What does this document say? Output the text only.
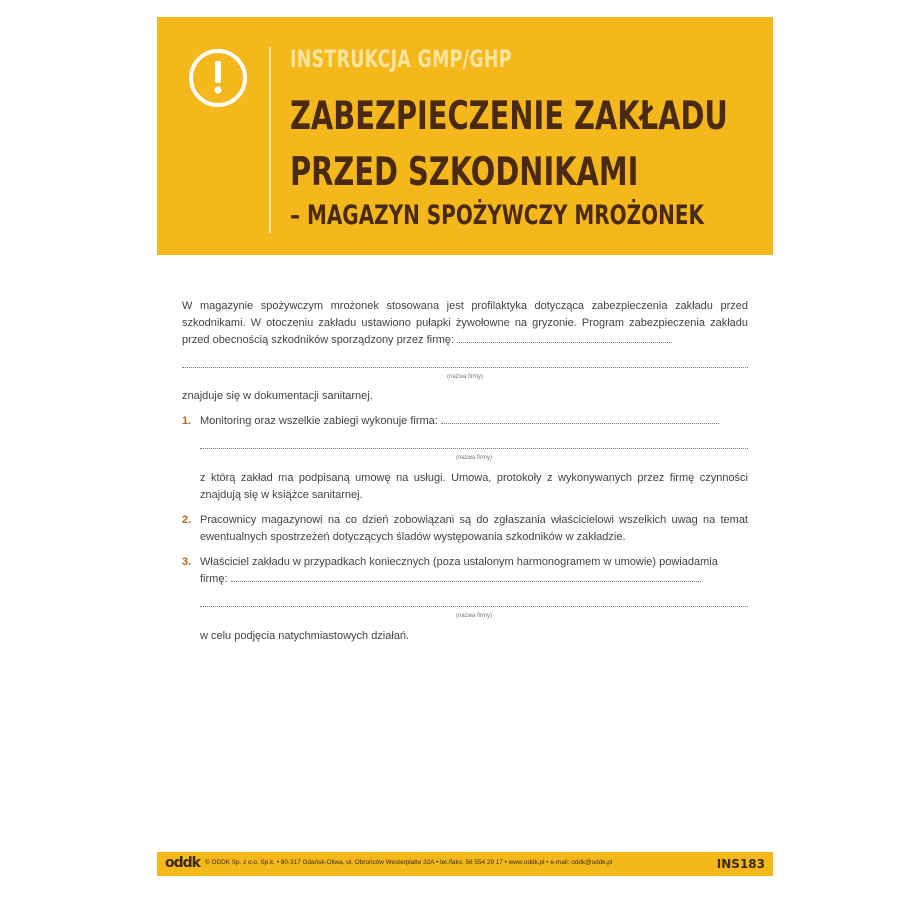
INSTRUKCJA GMP/GHP
ZABEZPIECZENIE ZAKŁADU
PRZED SZKODNIKAMI
– MAGAZYN SPOŻYWCZY MROŻONEK

W magazynie spożywczym mrożonek stosowana jest profilaktyka dotycząca zabezpieczenia zakładu przed szkodnikami. W otoczeniu zakładu ustawiono pułapki żywołowne na gryzonie. Program zabezpieczenia zakładu przed obecnością szkodników sporządzony przez firmę:

(nazwa firmy)

znajduje się w dokumentacji sanitarnej.

1. Monitoring oraz wszelkie zabiegi wykonuje firma:
(nazwa firmy)

z którą zakład ma podpisaną umowę na usługi. Umowa, protokoły z wykonywanych przez firmę czynności znajdują się w książce sanitarnej.

2. Pracownicy magazynowi na co dzień zobowiązani są do zgłaszania właścicielowi wszelkich uwag na temat ewentualnych spostrzeżeń dotyczących śladów występowania szkodników w zakładzie.

3. Właściciel zakładu w przypadkach koniecznych (poza ustalonym harmonogramem w umowie) powiadamia firmę:
(nazwa firmy)

w celu podjęcia natychmiastowych działań.

oddk © ODDK Sp. z o.o. Sp.k. • 80-317 Gdańsk-Oliwa, ul. Obrońców Westerplatte 32A • tel./faks: 58 554 29 17 • www.oddk.pl • e-mail: oddk@oddk.pl	INS183
